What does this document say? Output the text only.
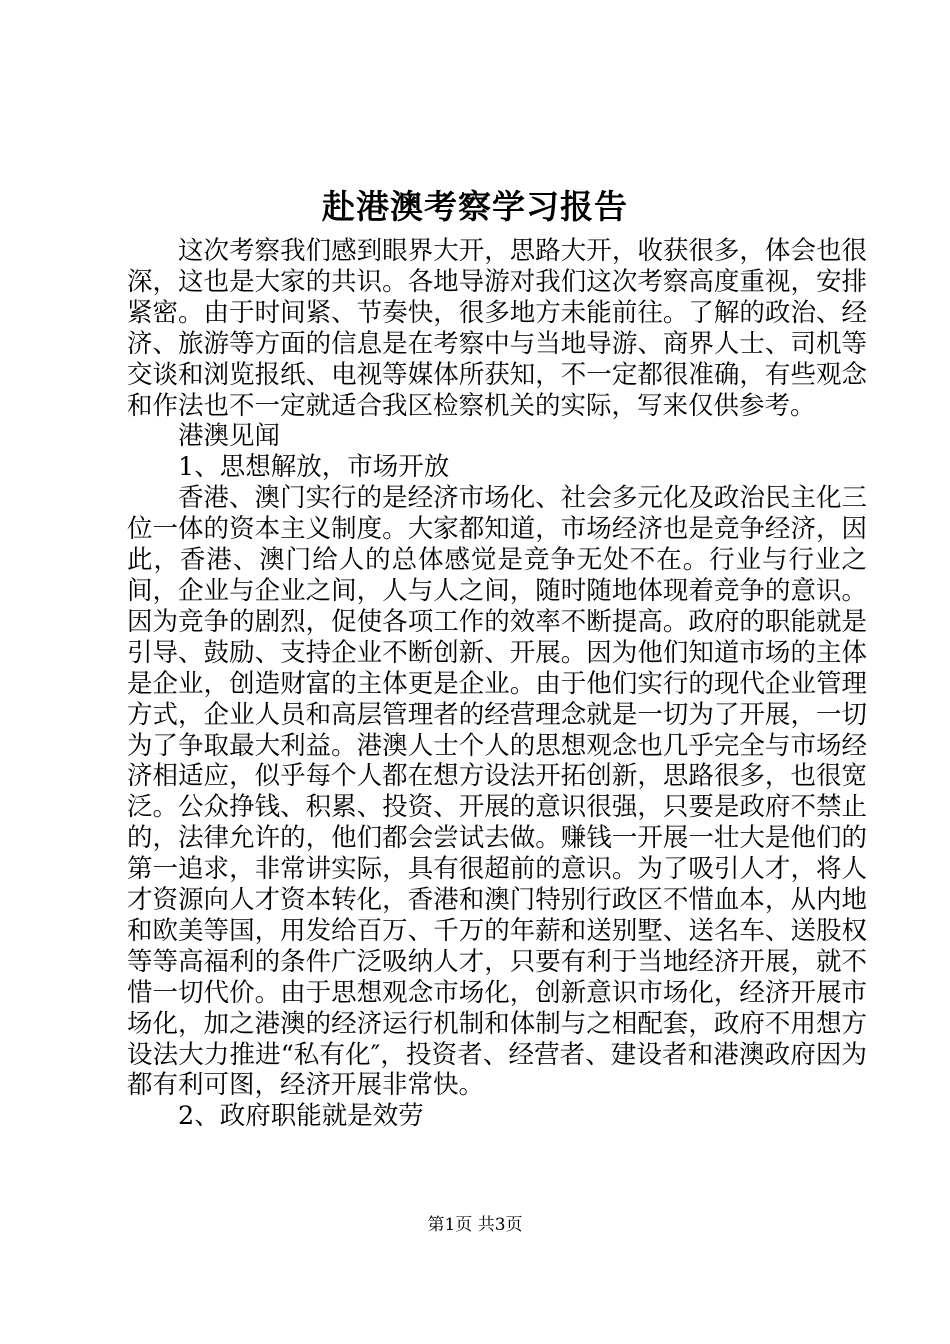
赴港澳考察学习报告

这次考察我们感到眼界大开，思路大开，收获很多，体会也很深，这也是大家的共识。各地导游对我们这次考察高度重视，安排紧密。由于时间紧、节奏快，很多地方未能前往。了解的政治、经济、旅游等方面的信息是在考察中与当地导游、商界人士、司机等交谈和浏览报纸、电视等媒体所获知，不一定都很准确，有些观念和作法也不一定就适合我区检察机关的实际，写来仅供参考。

港澳见闻

1、思想解放，市场开放

香港、澳门实行的是经济市场化、社会多元化及政治民主化三位一体的资本主义制度。大家都知道，市场经济也是竞争经济，因此，香港、澳门给人的总体感觉是竞争无处不在。行业与行业之间，企业与企业之间，人与人之间，随时随地体现着竞争的意识。因为竞争的剧烈，促使各项工作的效率不断提高。政府的职能就是引导、鼓励、支持企业不断创新、开展。因为他们知道市场的主体是企业，创造财富的主体更是企业。由于他们实行的现代企业管理方式，企业人员和高层管理者的经营理念就是一切为了开展，一切为了争取最大利益。港澳人士个人的思想观念也几乎完全与市场经济相适应，似乎每个人都在想方设法开拓创新，思路很多，也很宽泛。公众挣钱、积累、投资、开展的意识很强，只要是政府不禁止的，法律允许的，他们都会尝试去做。赚钱一开展一壮大是他们的第一追求，非常讲实际，具有很超前的意识。为了吸引人才，将人才资源向人才资本转化，香港和澳门特别行政区不惜血本，从内地和欧美等国，用发给百万、千万的年薪和送别墅、送名车、送股权等等高福利的条件广泛吸纳人才，只要有利于当地经济开展，就不惜一切代价。由于思想观念市场化，创新意识市场化，经济开展市场化，加之港澳的经济运行机制和体制与之相配套，政府不用想方设法大力推进“私有化″，投资者、经营者、建设者和港澳政府因为都有利可图，经济开展非常快。

2、政府职能就是效劳

第1页 共3页
